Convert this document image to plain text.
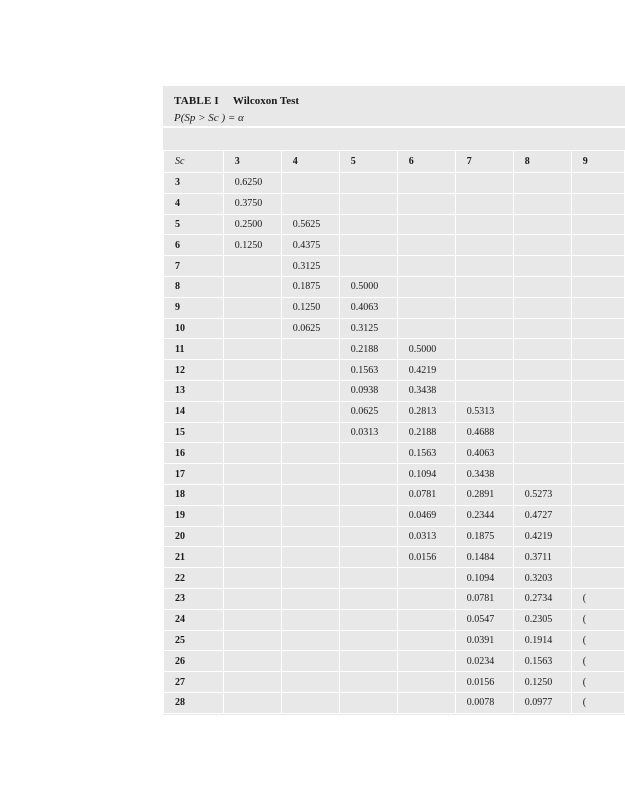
TABLE I Wilcoxon Test
P(Sp > Sc ) = α
Sc	3	4	5	6	7	8	9
3	0.6250						
4	0.3750						
5	0.2500	0.5625					
6	0.1250	0.4375					
7		0.3125					
8		0.1875	0.5000				
9		0.1250	0.4063				
10		0.0625	0.3125				
11			0.2188	0.5000			
12			0.1563	0.4219			
13			0.0938	0.3438			
14			0.0625	0.2813	0.5313		
15			0.0313	0.2188	0.4688		
16				0.1563	0.4063		
17				0.1094	0.3438		
18				0.0781	0.2891	0.5273	
19				0.0469	0.2344	0.4727	
20				0.0313	0.1875	0.4219	
21				0.0156	0.1484	0.3711	
22					0.1094	0.3203	
23					0.0781	0.2734	(
24					0.0547	0.2305	(
25					0.0391	0.1914	(
26					0.0234	0.1563	(
27					0.0156	0.1250	(
28					0.0078	0.0977	(
